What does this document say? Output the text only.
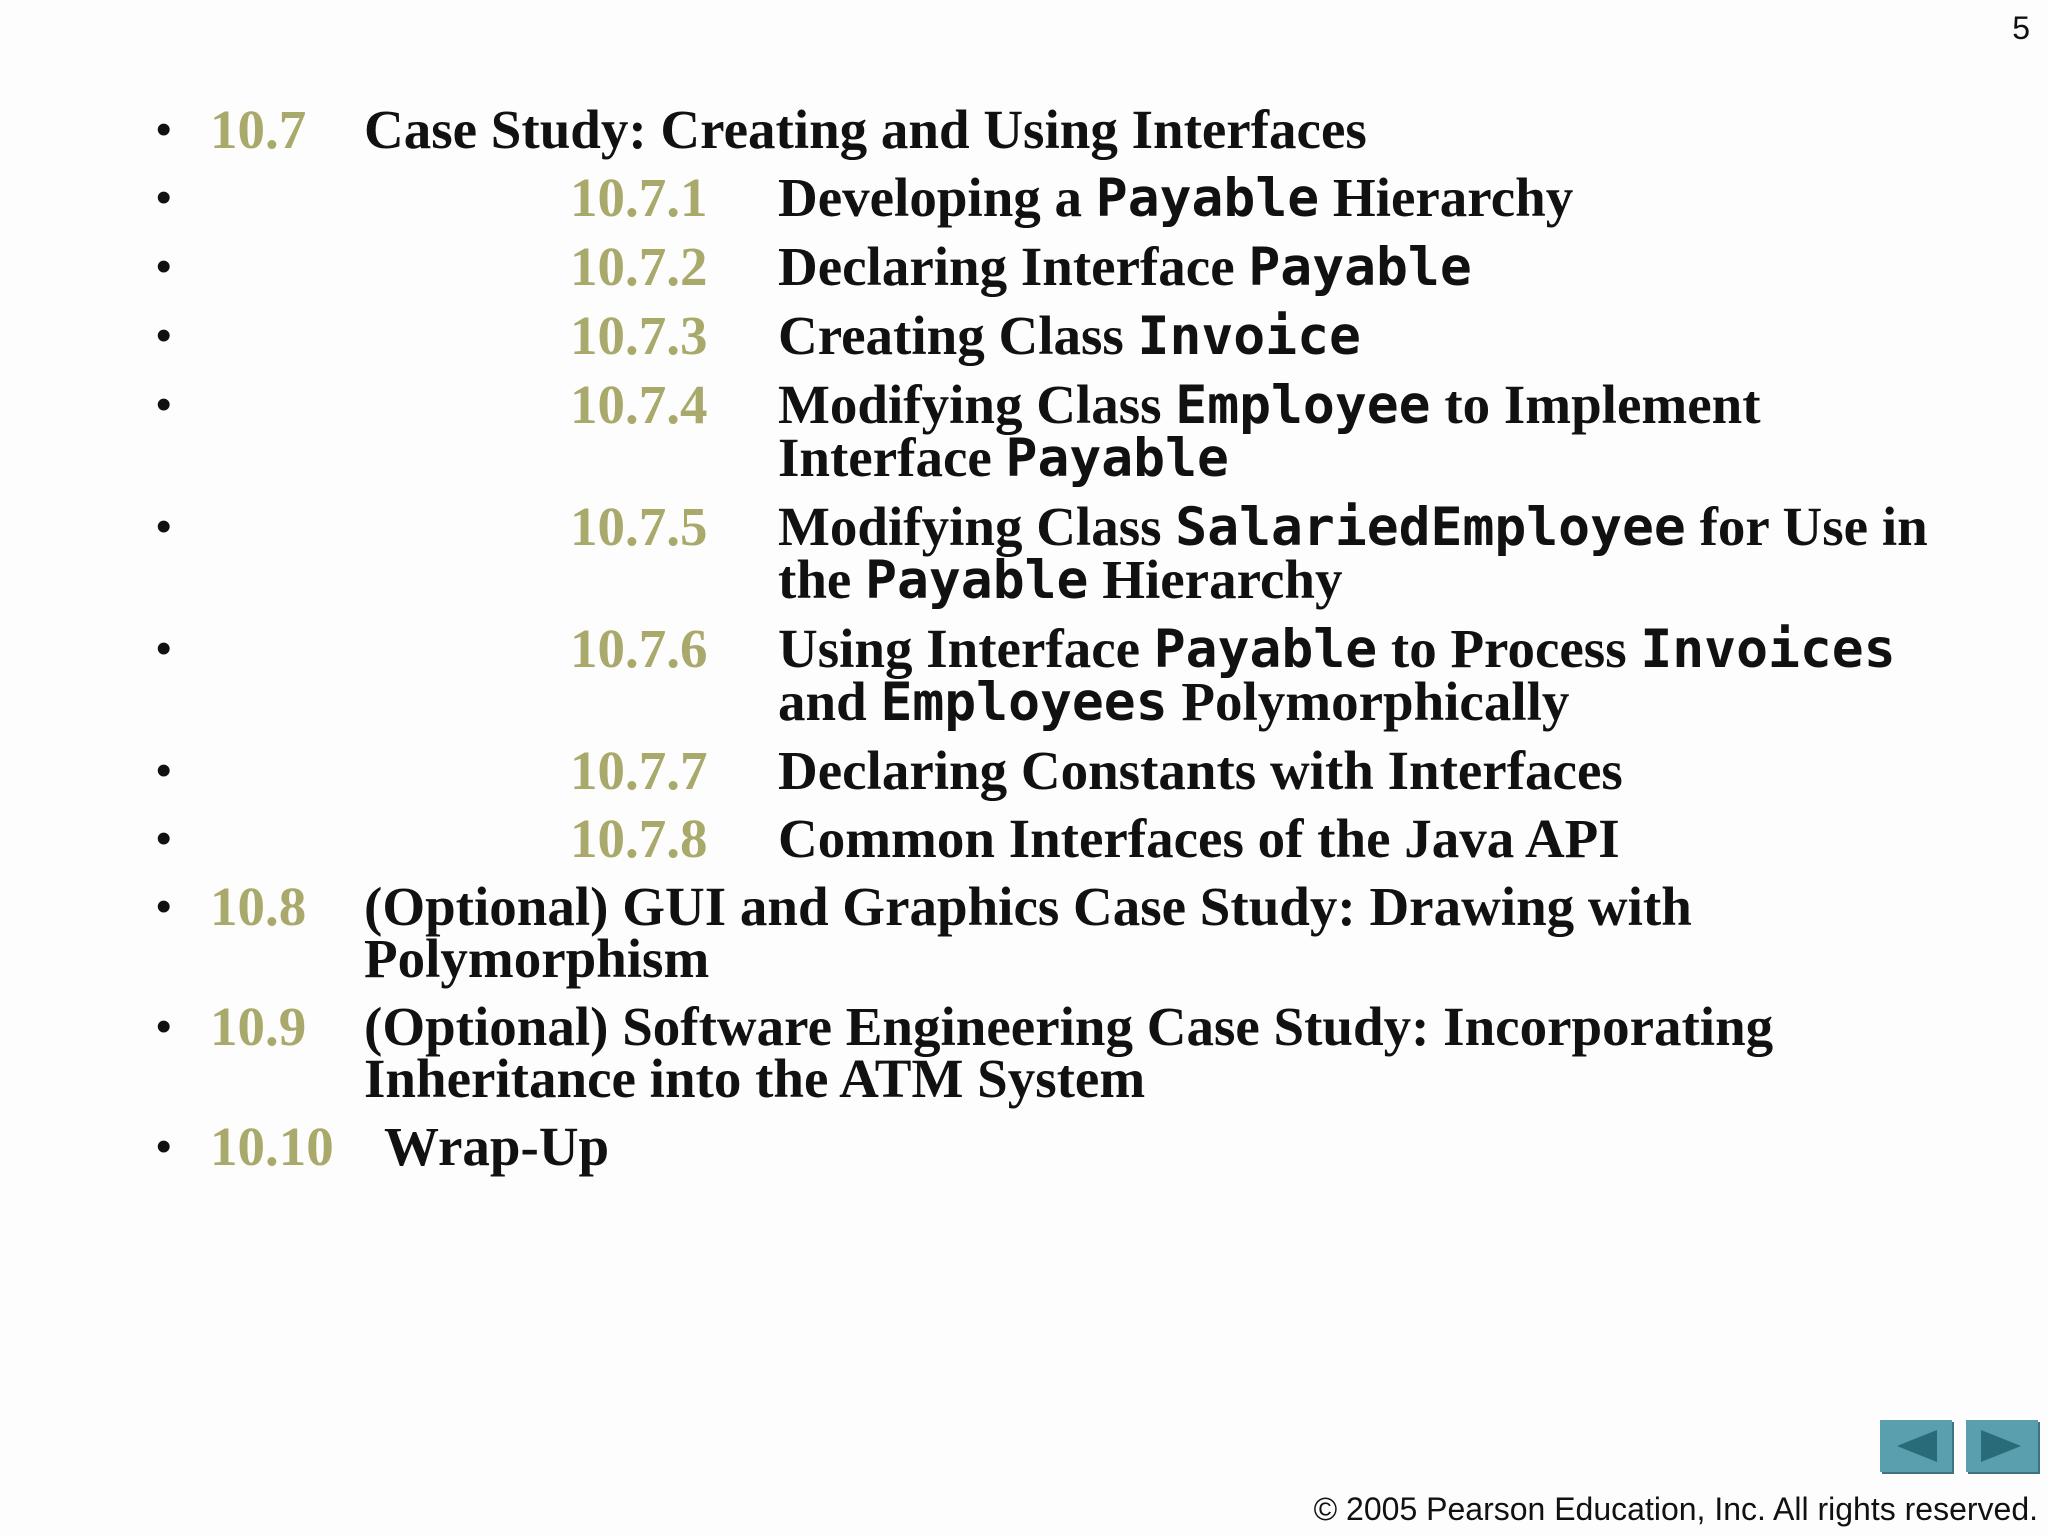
5
• 10.7 Case Study: Creating and Using Interfaces
•	10.7.1 Developing a Payable Hierarchy
•	10.7.2 Declaring Interface Payable
•	10.7.3 Creating Class Invoice
•	10.7.4 Modifying Class Employee to Implement Interface Payable
•	10.7.5 Modifying Class SalariedEmployee for Use in the Payable Hierarchy
•	10.7.6 Using Interface Payable to Process Invoices and Employees Polymorphically
•	10.7.7 Declaring Constants with Interfaces
•	10.7.8 Common Interfaces of the Java API
• 10.8 (Optional) GUI and Graphics Case Study: Drawing with Polymorphism
• 10.9 (Optional) Software Engineering Case Study: Incorporating Inheritance into the ATM System
• 10.10 Wrap-Up
© 2005 Pearson Education, Inc. All rights reserved.
